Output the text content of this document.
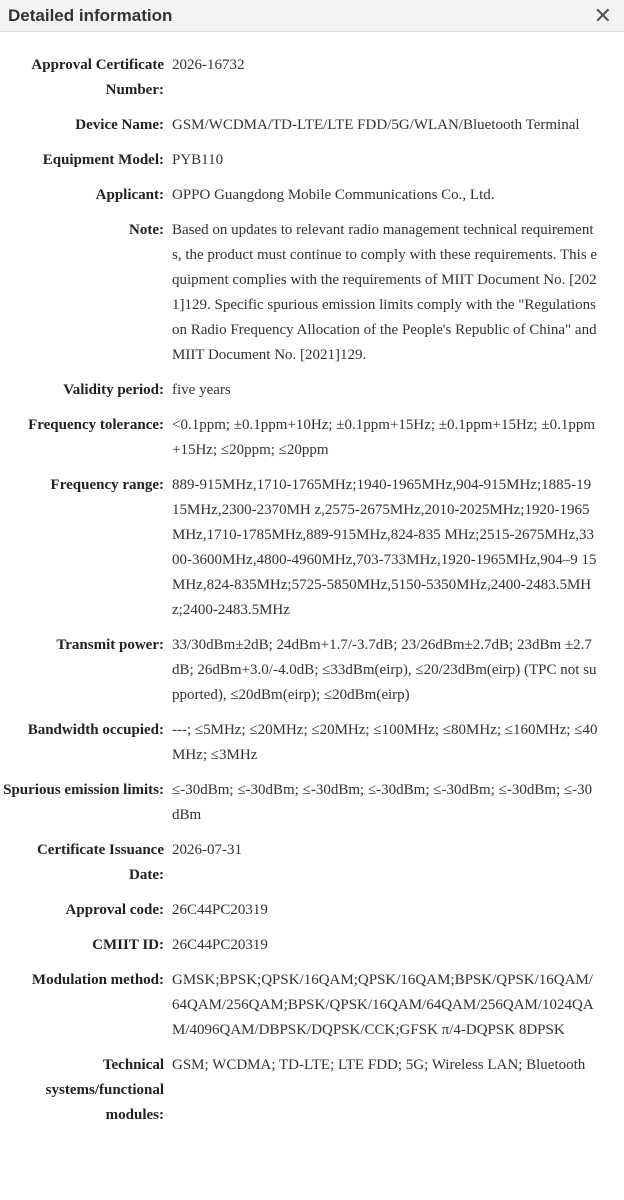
Detailed information	✕
Approval Certificate Number:
2026-16732
Device Name: GSM/WCDMA/TD-LTE/LTE FDD/5G/WLAN/Bluetooth Terminal
Equipment Model: PYB110
Applicant: OPPO Guangdong Mobile Communications Co., Ltd.
Note: Based on updates to relevant radio management technical requirements, the product must continue to comply with these requirements. This equipment complies with the requirements of MIIT Document No. [2021]129. Specific spurious emission limits comply with the "Regulations on Radio Frequency Allocation of the People's Republic of China" and MIIT Document No. [2021]129.
Validity period: five years
Frequency tolerance: <0.1ppm; ±0.1ppm+10Hz; ±0.1ppm+15Hz; ±0.1ppm+15Hz; ±0.1ppm+15Hz; ≤20ppm; ≤20ppm
Frequency range: 889-915MHz,1710-1765MHz;1940-1965MHz,904-915MHz;1885-1915MHz,2300-2370MH z,2575-2675MHz,2010-2025MHz;1920-1965MHz,1710-1785MHz,889-915MHz,824-835 MHz;2515-2675MHz,3300-3600MHz,4800-4960MHz,703-733MHz,1920-1965MHz,904–9 15MHz,824-835MHz;5725-5850MHz,5150-5350MHz,2400-2483.5MHz;2400-2483.5MHz
Transmit power: 33/30dBm±2dB; 24dBm+1.7/-3.7dB; 23/26dBm±2.7dB; 23dBm ±2.7dB; 26dBm+3.0/-4.0dB; ≤33dBm(eirp), ≤20/23dBm(eirp) (TPC not supported), ≤20dBm(eirp); ≤20dBm(eirp)
Bandwidth occupied: ---; ≤5MHz; ≤20MHz; ≤20MHz; ≤100MHz; ≤80MHz; ≤160MHz; ≤40MHz; ≤3MHz
Spurious emission limits: ≤-30dBm; ≤-30dBm; ≤-30dBm; ≤-30dBm; ≤-30dBm; ≤-30dBm; ≤-30dBm
Certificate Issuance Date:
2026-07-31
Approval code: 26C44PC20319
CMIIT ID: 26C44PC20319
Modulation method: GMSK;BPSK;QPSK/16QAM;QPSK/16QAM;BPSK/QPSK/16QAM/64QAM/256QAM;BPSK/QPSK/16QAM/64QAM/256QAM/1024QAM/4096QAM/DBPSK/DQPSK/CCK;GFSK π/4-DQPSK 8DPSK
Technical systems/functional modules:
GSM; WCDMA; TD-LTE; LTE FDD; 5G; Wireless LAN; Bluetooth
